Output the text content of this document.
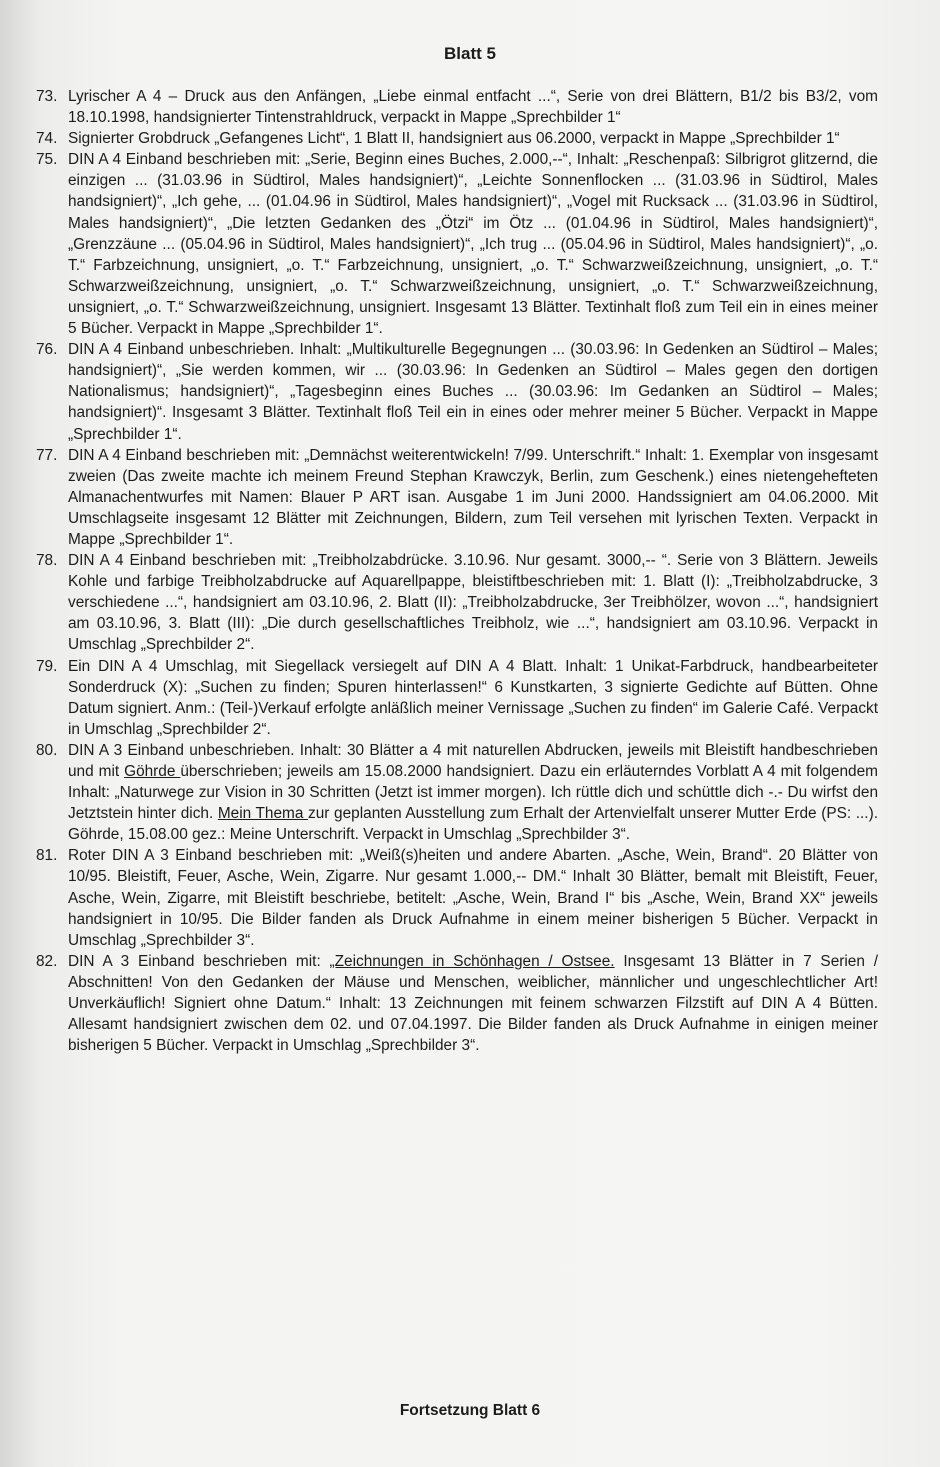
Blatt 5
73. Lyrischer A 4 – Druck aus den Anfängen, „Liebe einmal entfacht ...“, Serie von drei Blättern, B1/2 bis B3/2, vom 18.10.1998, handsignierter Tintenstrahldruck, verpackt in Mappe „Sprechbilder 1“
74. Signierter Grobdruck „Gefangenes Licht“, 1 Blatt II, handsigniert aus 06.2000, verpackt in Mappe „Sprechbilder 1“
75. DIN A 4 Einband beschrieben mit: „Serie, Beginn eines Buches, 2.000,--“, Inhalt: „Reschenpaß: Silbrigrot glitzernd, die einzigen ... (31.03.96 in Südtirol, Males handsigniert)“, „Leichte Sonnenflocken ... (31.03.96 in Südtirol, Males handsigniert)“, „Ich gehe, ... (01.04.96 in Südtirol, Males handsigniert)“, „Vogel mit Rucksack ... (31.03.96 in Südtirol, Males handsigniert)“, „Die letzten Gedanken des „Ötzi“ im Ötz ... (01.04.96 in Südtirol, Males handsigniert)“, „Grenzzäune ... (05.04.96 in Südtirol, Males handsigniert)“, „Ich trug ... (05.04.96 in Südtirol, Males handsigniert)“, „o. T.“ Farbzeichnung, unsigniert, „o. T.“ Farbzeichnung, unsigniert, „o. T.“ Schwarzweißzeichnung, unsigniert, „o. T.“ Schwarzweißzeichnung, unsigniert, „o. T.“ Schwarzweißzeichnung, unsigniert, „o. T.“ Schwarzweißzeichnung, unsigniert, „o. T.“ Schwarzweißzeichnung, unsigniert. Insgesamt 13 Blätter. Textinhalt floß zum Teil ein in eines meiner 5 Bücher. Verpackt in Mappe „Sprechbilder 1“.
76. DIN A 4 Einband unbeschrieben. Inhalt: „Multikulturelle Begegnungen ... (30.03.96: In Gedenken an Südtirol – Males; handsigniert)“, „Sie werden kommen, wir ... (30.03.96: In Gedenken an Südtirol – Males gegen den dortigen Nationalismus; handsigniert)“, „Tagesbeginn eines Buches ... (30.03.96: Im Gedanken an Südtirol – Males; handsigniert)“. Insgesamt 3 Blätter. Textinhalt floß Teil ein in eines oder mehrer meiner 5 Bücher. Verpackt in Mappe „Sprechbilder 1“.
77. DIN A 4 Einband beschrieben mit: „Demnächst weiterentwickeln! 7/99. Unterschrift.“ Inhalt: 1. Exemplar von insgesamt zweien (Das zweite machte ich meinem Freund Stephan Krawczyk, Berlin, zum Geschenk.) eines nietengehefteten Almanachentwurfes mit Namen: Blauer P ART isan. Ausgabe 1 im Juni 2000. Handssigniert am 04.06.2000. Mit Umschlagseite insgesamt 12 Blätter mit Zeichnungen, Bildern, zum Teil versehen mit lyrischen Texten. Verpackt in Mappe „Sprechbilder 1“.
78. DIN A 4 Einband beschrieben mit: „Treibholzabdrücke. 3.10.96. Nur gesamt. 3000,-- “. Serie von 3 Blättern. Jeweils Kohle und farbige Treibholzabdrucke auf Aquarellpappe, bleistiftbeschrieben mit: 1. Blatt (I): „Treibholzabdrucke, 3 verschiedene ...“, handsigniert am 03.10.96, 2. Blatt (II): „Treibholzabdrucke, 3er Treibhölzer, wovon ...“, handsigniert am 03.10.96, 3. Blatt (III): „Die durch gesellschaftliches Treibholz, wie ...“, handsigniert am 03.10.96. Verpackt in Umschlag „Sprechbilder 2“.
79. Ein DIN A 4 Umschlag, mit Siegellack versiegelt auf DIN A 4 Blatt. Inhalt: 1 Unikat-Farbdruck, handbearbeiteter Sonderdruck (X): „Suchen zu finden; Spuren hinterlassen!“ 6 Kunstkarten, 3 signierte Gedichte auf Bütten. Ohne Datum signiert. Anm.: (Teil-)Verkauf erfolgte anläßlich meiner Vernissage „Suchen zu finden“ im Galerie Café. Verpackt in Umschlag „Sprechbilder 2“.
80. DIN A 3 Einband unbeschrieben. Inhalt: 30 Blätter a 4 mit naturellen Abdrucken, jeweils mit Bleistift handbeschrieben und mit Göhrde überschrieben; jeweils am 15.08.2000 handsigniert. Dazu ein erläuterndes Vorblatt A 4 mit folgendem Inhalt: „Naturwege zur Vision in 30 Schritten (Jetzt ist immer morgen). Ich rüttle dich und schüttle dich -.- Du wirfst den Jetztstein hinter dich. Mein Thema zur geplanten Ausstellung zum Erhalt der Artenvielfalt unserer Mutter Erde (PS: ...). Göhrde, 15.08.00 gez.: Meine Unterschrift. Verpackt in Umschlag „Sprechbilder 3“.
81. Roter DIN A 3 Einband beschrieben mit: „Weiß(s)heiten und andere Abarten. „Asche, Wein, Brand“. 20 Blätter von 10/95. Bleistift, Feuer, Asche, Wein, Zigarre. Nur gesamt 1.000,-- DM.“ Inhalt 30 Blätter, bemalt mit Bleistift, Feuer, Asche, Wein, Zigarre, mit Bleistift beschriebe, betitelt: „Asche, Wein, Brand I“ bis „Asche, Wein, Brand XX“ jeweils handsigniert in 10/95. Die Bilder fanden als Druck Aufnahme in einem meiner bisherigen 5 Bücher. Verpackt in Umschlag „Sprechbilder 3“.
82. DIN A 3 Einband beschrieben mit: „Zeichnungen in Schönhagen / Ostsee. Insgesamt 13 Blätter in 7 Serien / Abschnitten! Von den Gedanken der Mäuse und Menschen, weiblicher, männlicher und ungeschlechtlicher Art! Unverkäuflich! Signiert ohne Datum.“ Inhalt: 13 Zeichnungen mit feinem schwarzen Filzstift auf DIN A 4 Bütten. Allesamt handsigniert zwischen dem 02. und 07.04.1997. Die Bilder fanden als Druck Aufnahme in einigen meiner bisherigen 5 Bücher. Verpackt in Umschlag „Sprechbilder 3“.
Fortsetzung Blatt 6
